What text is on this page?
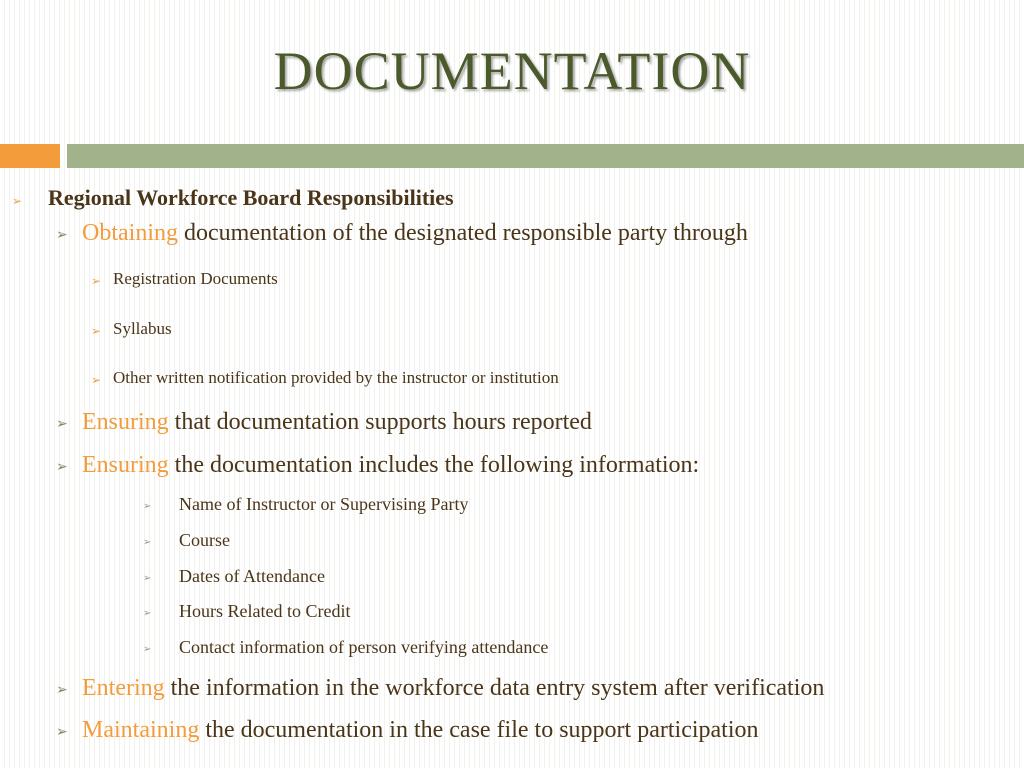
DOCUMENTATION
➢ Regional Workforce Board Responsibilities
➢ Obtaining documentation of the designated responsible party through
➢ Registration Documents
➢ Syllabus
➢ Other written notification provided by the instructor or institution
➢ Ensuring that documentation supports hours reported
➢ Ensuring the documentation includes the following information:
➢ Name of Instructor or Supervising Party
➢ Course
➢ Dates of Attendance
➢ Hours Related to Credit
➢ Contact information of person verifying attendance
➢ Entering the information in the workforce data entry system after verification
➢ Maintaining the documentation in the case file to support participation
